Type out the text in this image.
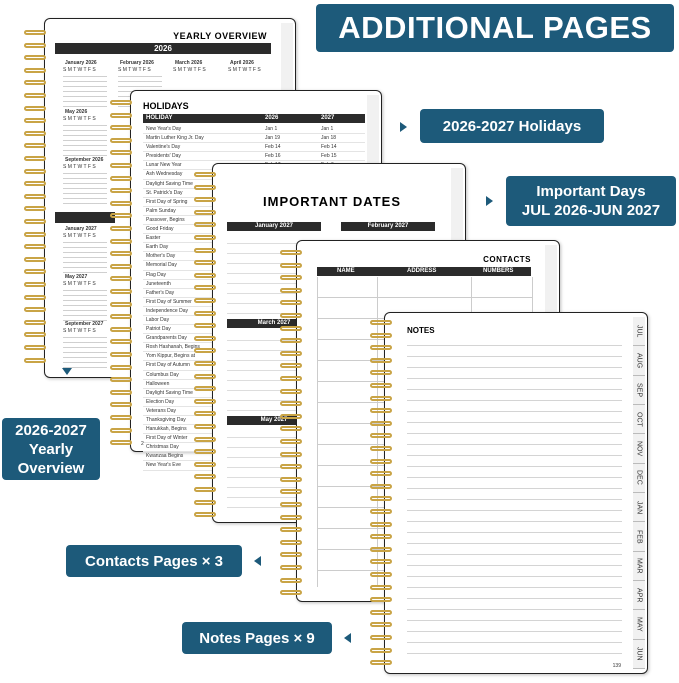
ADDITIONAL PAGES
YEARLY OVERVIEW
2026
January 2026	February 2026	March 2026	April 2026
S M T W T F S	S M T W T F S	S M T W T F S	S M T W T F S
May 2026
S M T W T F S
September 2026
S M T W T F S
January 2027
S M T W T F S
May 2027
S M T W T F S
September 2027
S M T W T F S
HOLIDAYS
HOLIDAY	2026	2027
New Year's Day	Jan 1	Jan 1
Martin Luther King Jr. Day	Jan 19	Jan 18
Valentine's Day	Feb 14	Feb 14
Presidents' Day	Feb 16	Feb 15
Lunar New Year
Ash Wednesday
Daylight Saving Time
St. Patrick's Day
First Day of Spring
Palm Sunday
Passover, Begins
Good Friday
Easter
Earth Day
Mother's Day
Memorial Day
Flag Day
Juneteenth
Father's Day
First Day of Summer
Independence Day
Labor Day
Patriot Day
Grandparents Day
Rosh Hashanah, Begins
Yom Kippur, Begins at
First Day of Autumn
Columbus Day
Halloween
Daylight Saving Time
Election Day
Veterans Day
Thanksgiving Day
Hanukkah, Begins
First Day of Winter
Christmas Day
Kwanzaa Begins
New Year's Eve
2
IMPORTANT DATES
January 2027	February 2027
March 2027
May 2027
CONTACTS
NAME	ADDRESS	NUMBERS
NOTES
139
JUL
AUG
SEP
OCT
NOV
DEC
JAN
FEB
MAR
APR
MAY
JUN
2026-2027 Holidays
Important Days
JUL 2026-JUN 2027
2026-2027
Yearly
Overview
Contacts Pages × 3
Notes Pages × 9
